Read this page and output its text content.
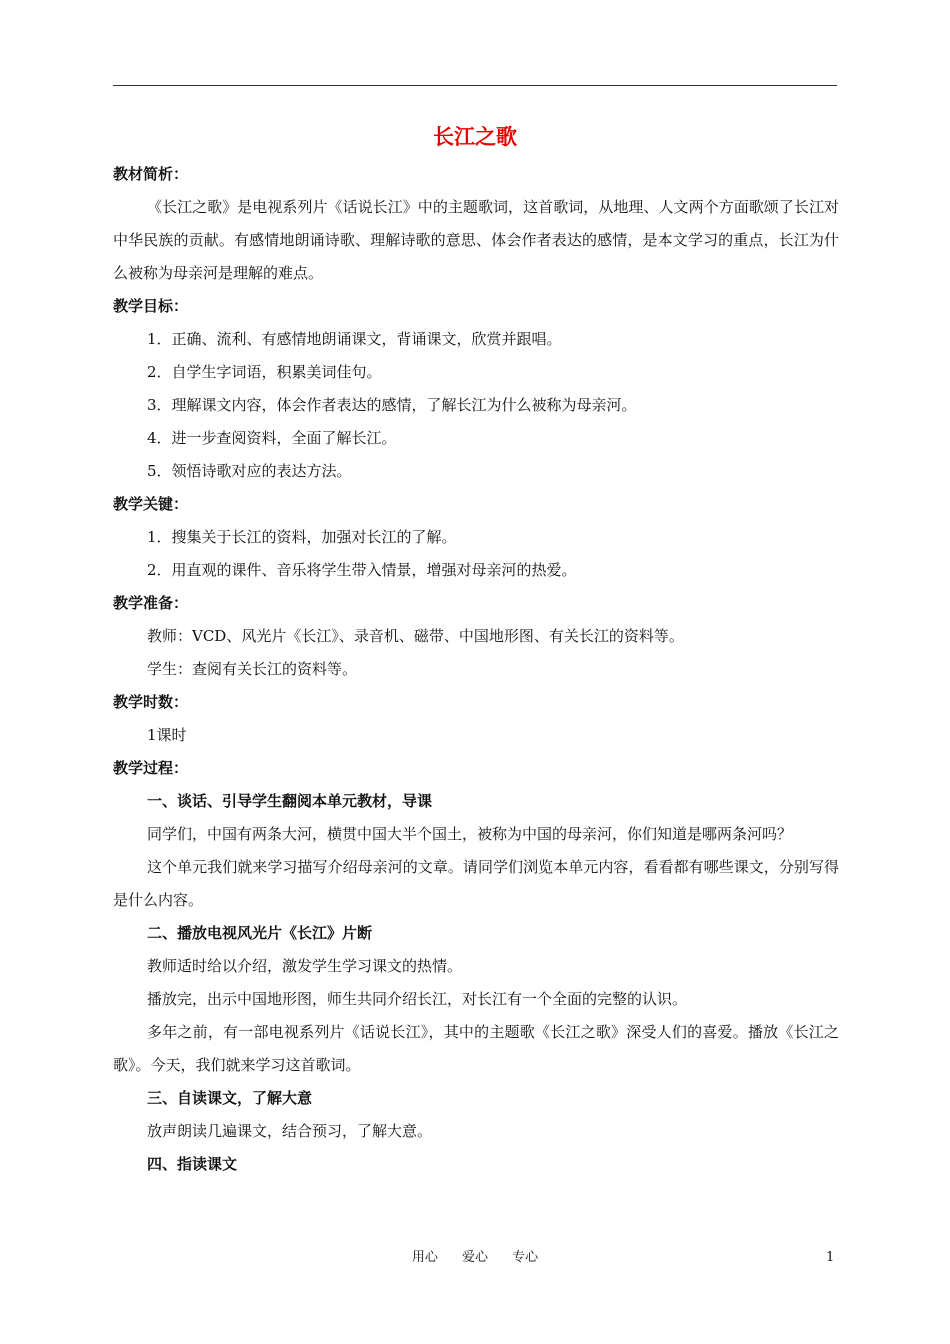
长江之歌

教材简析：

《长江之歌》是电视系列片《话说长江》中的主题歌词，这首歌词，从地理、人文两个方面歌颂了长江对中华民族的贡献。有感情地朗诵诗歌、理解诗歌的意思、体会作者表达的感情，是本文学习的重点，长江为什么被称为母亲河是理解的难点。

教学目标：

1．正确、流利、有感情地朗诵课文，背诵课文，欣赏并跟唱。

2．自学生字词语，积累美词佳句。

3．理解课文内容，体会作者表达的感情，了解长江为什么被称为母亲河。

4．进一步查阅资料，全面了解长江。

5．领悟诗歌对应的表达方法。

教学关键：

1．搜集关于长江的资料，加强对长江的了解。

2．用直观的课件、音乐将学生带入情景，增强对母亲河的热爱。

教学准备：

教师：VCD、风光片《长江》、录音机、磁带、中国地形图、有关长江的资料等。

学生：查阅有关长江的资料等。

教学时数：

1课时

教学过程：

一、谈话、引导学生翻阅本单元教材，导课

同学们，中国有两条大河，横贯中国大半个国土，被称为中国的母亲河，你们知道是哪两条河吗？

这个单元我们就来学习描写介绍母亲河的文章。请同学们浏览本单元内容，看看都有哪些课文，分别写得是什么内容。

二、播放电视风光片《长江》片断

教师适时给以介绍，激发学生学习课文的热情。

播放完，出示中国地形图，师生共同介绍长江，对长江有一个全面的完整的认识。

多年之前，有一部电视系列片《话说长江》，其中的主题歌《长江之歌》深受人们的喜爱。播放《长江之歌》。今天，我们就来学习这首歌词。

三、自读课文，了解大意

放声朗读几遍课文，结合预习，了解大意。

四、指读课文

用心 爱心 专心	1
